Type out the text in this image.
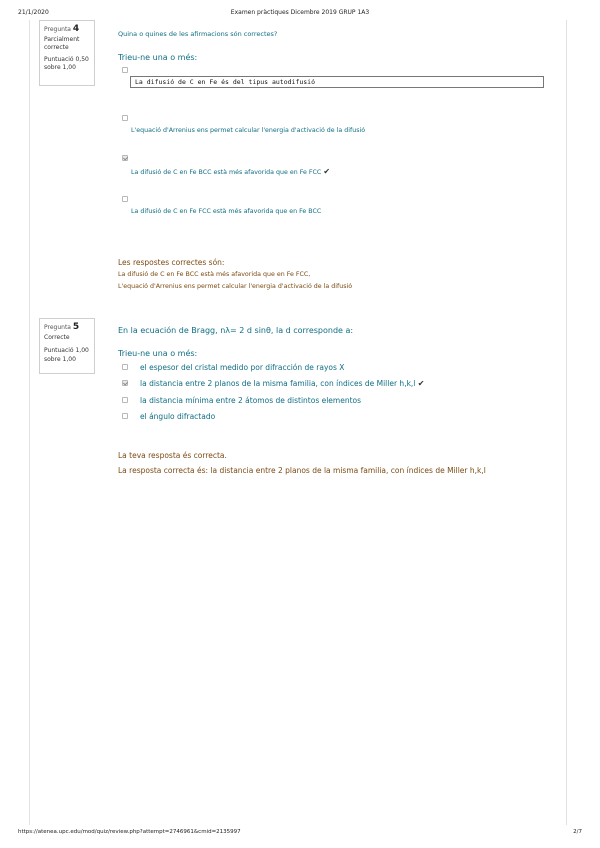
21/1/2020	Examen pràctiques Dicembre 2019 GRUP 1A3
Pregunta 4
Parcialment correcte
Puntuació 0,50 sobre 1,00
Quina o quines de les afirmacions són correctes?
Trieu-ne una o més:
La difusió de C en Fe és del tipus autodifusió
L'equació d'Arrenius ens permet calcular l'energia d'activació de la difusió
La difusió de C en Fe BCC està més afavorida que en Fe FCC ✔
La difusió de C en Fe FCC està més afavorida que en Fe BCC
Les respostes correctes són:
La difusió de C en Fe BCC està més afavorida que en Fe FCC,
L'equació d'Arrenius ens permet calcular l'energia d'activació de la difusió
Pregunta 5
Correcte
Puntuació 1,00 sobre 1,00
En la ecuación de Bragg, nλ= 2 d sinθ, la d corresponde a:
Trieu-ne una o més:
el espesor del cristal medido por difracción de rayos X
la distancia entre 2 planos de la misma familia, con índices de Miller h,k,l ✔
la distancia mínima entre 2 átomos de distintos elementos
el ángulo difractado
La teva resposta és correcta.
La resposta correcta és: la distancia entre 2 planos de la misma familia, con índices de Miller h,k,l
https://atenea.upc.edu/mod/quiz/review.php?attempt=2746961&cmid=2135997	2/7
